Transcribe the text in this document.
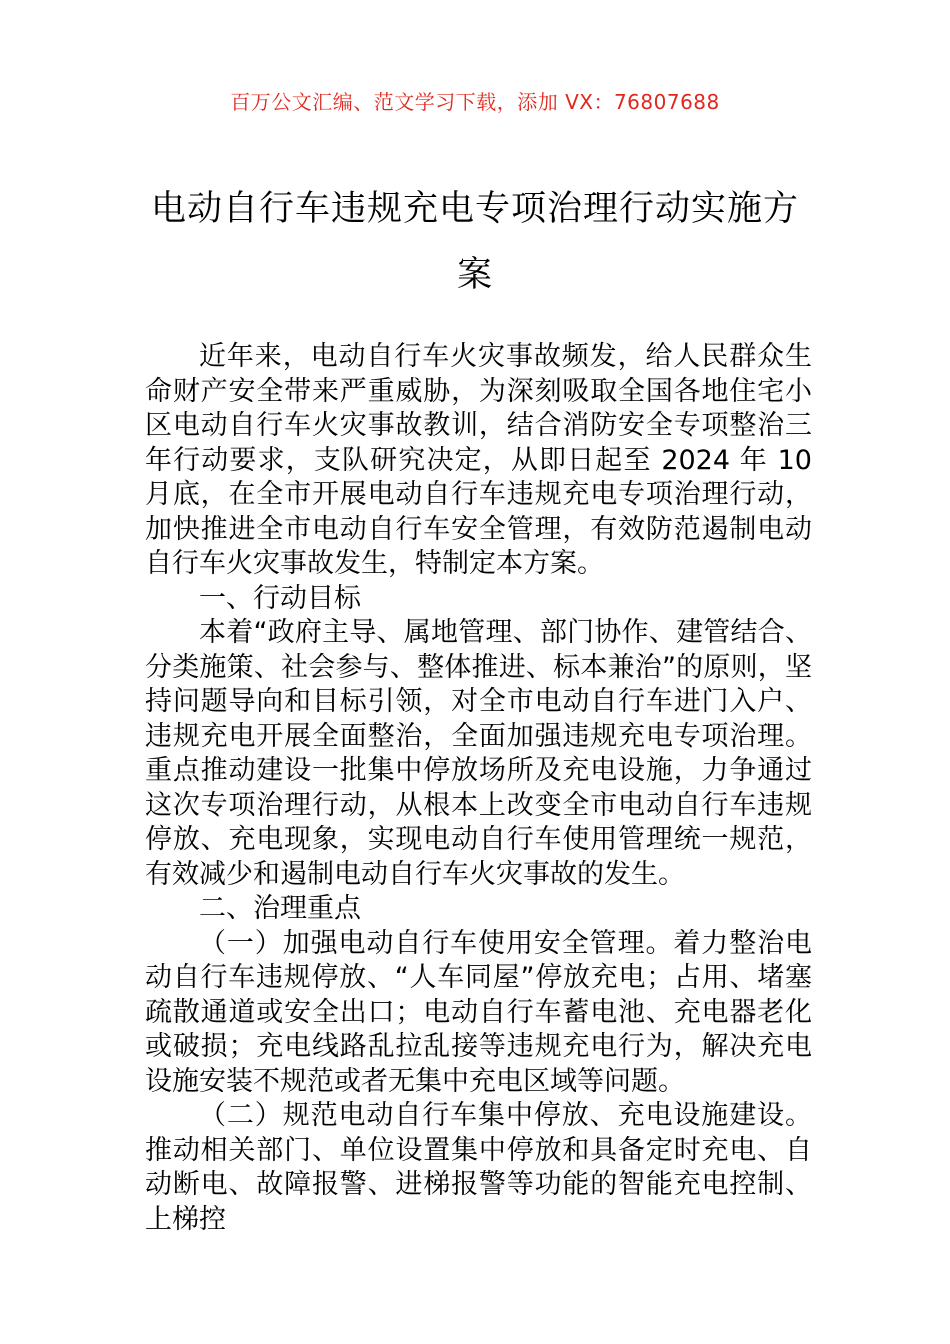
百万公文汇编、范文学习下载，添加 VX：76807688
电动自行车违规充电专项治理行动实施方案

近年来，电动自行车火灾事故频发，给人民群众生命财产安全带来严重威胁，为深刻吸取全国各地住宅小区电动自行车火灾事故教训，结合消防安全专项整治三年行动要求，支队研究决定，从即日起至 2024 年 10 月底，在全市开展电动自行车违规充电专项治理行动，加快推进全市电动自行车安全管理，有效防范遏制电动自行车火灾事故发生，特制定本方案。

一、行动目标

本着“政府主导、属地管理、部门协作、建管结合、分类施策、社会参与、整体推进、标本兼治”的原则，坚持问题导向和目标引领，对全市电动自行车进门入户、违规充电开展全面整治，全面加强违规充电专项治理。重点推动建设一批集中停放场所及充电设施，力争通过这次专项治理行动，从根本上改变全市电动自行车违规停放、充电现象，实现电动自行车使用管理统一规范，有效减少和遏制电动自行车火灾事故的发生。

二、治理重点

（一）加强电动自行车使用安全管理。着力整治电动自行车违规停放、“人车同屋”停放充电；占用、堵塞疏散通道或安全出口；电动自行车蓄电池、充电器老化或破损；充电线路乱拉乱接等违规充电行为，解决充电设施安装不规范或者无集中充电区域等问题。

（二）规范电动自行车集中停放、充电设施建设。推动相关部门、单位设置集中停放和具备定时充电、自动断电、故障报警、进梯报警等功能的智能充电控制、上梯控
